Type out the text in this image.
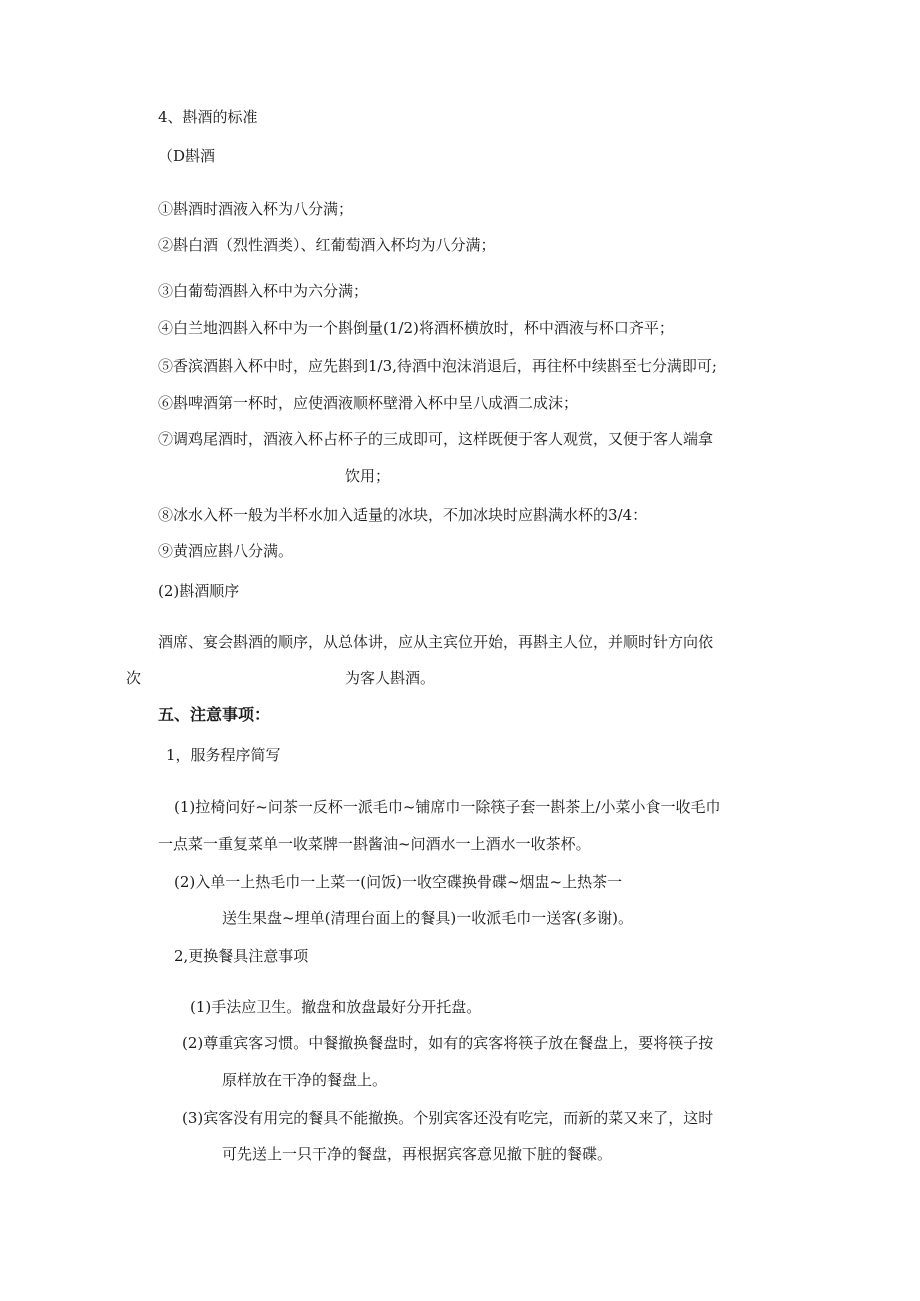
4、斟酒的标准
（D斟酒
①斟酒时酒液入杯为八分满；
②斟白酒（烈性酒类）、红葡萄酒入杯均为八分满；
③白葡萄酒斟入杯中为六分满；
④白兰地泗斟入杯中为一个斟倒量(1/2)将酒杯横放时，杯中酒液与杯口齐平；
⑤香滨酒斟入杯中时，应先斟到1/3,待酒中泡沫消退后，再往杯中续斟至七分满即可;
⑥斟啤酒第一杯时，应使酒液顺杯壁滑入杯中呈八成酒二成沫；
⑦调鸡尾酒时，酒液入杯占杯子的三成即可，这样既便于客人观赏，又便于客人端拿
饮用；
⑧冰水入杯一般为半杯水加入适量的冰块，不加冰块时应斟满水杯的3/4：
⑨黄酒应斟八分满。
(2)斟酒顺序
酒席、宴会斟酒的顺序，从总体讲，应从主宾位开始，再斟主人位，并顺时针方向依
次	为客人斟酒。
五、注意事项：
1，服务程序简写
(1)拉椅问好~问茶一反杯一派毛巾~铺席巾一除筷子套一斟茶上/小菜小食一收毛巾
一点菜一重复菜单一收菜牌一斟酱油~问酒水一上酒水一收茶杯。
(2)入单一上热毛巾一上菜一(问饭)一收空碟换骨碟~烟盅~上热茶一
送生果盘~埋单(清理台面上的餐具)一收派毛巾一送客(多谢)。
2,更换餐具注意事项
(1)手法应卫生。撤盘和放盘最好分开托盘。
(2)尊重宾客习惯。中餐撤换餐盘时，如有的宾客将筷子放在餐盘上，要将筷子按
原样放在干净的餐盘上。
(3)宾客没有用完的餐具不能撤换。个别宾客还没有吃完，而新的菜又来了，这时
可先送上一只干净的餐盘，再根据宾客意见撤下脏的餐碟。
